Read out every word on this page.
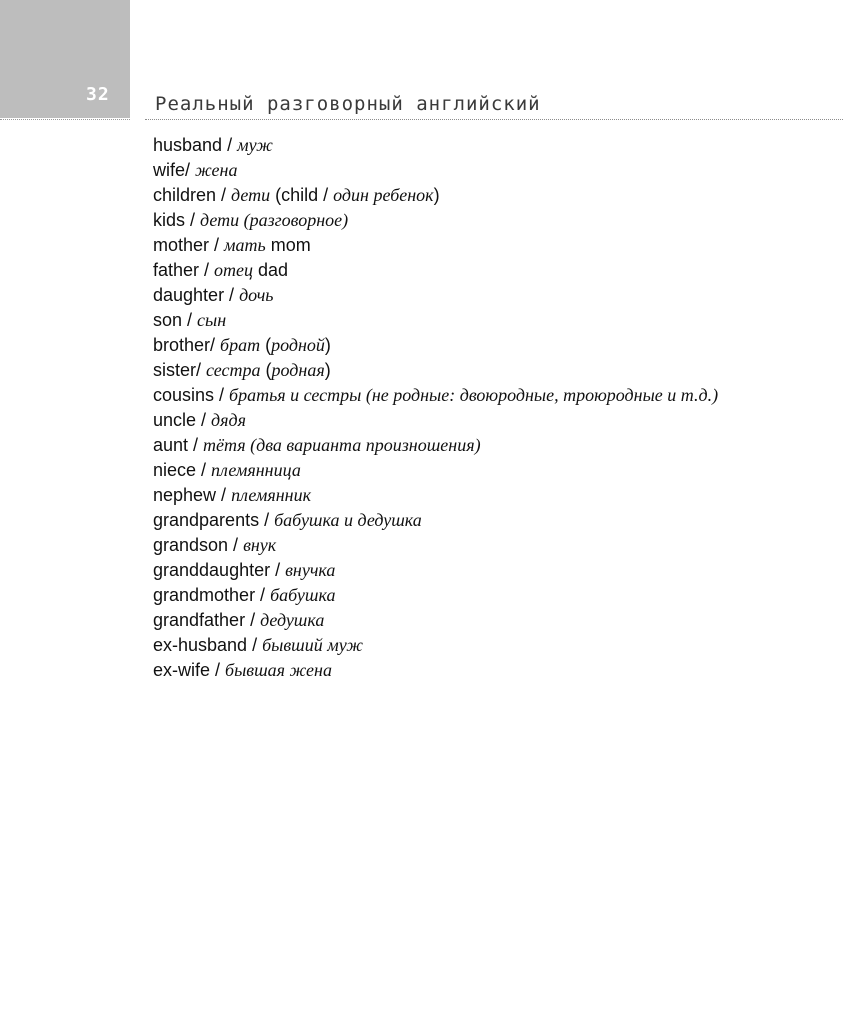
32 Реальный разговорный английский
husband / муж
wife/ жена
children / дети (child / один ребенок)
kids / дети (разговорное)
mother / мать mom
father / отец dad
daughter / дочь
son / сын
brother/ брат (родной)
sister/ сестра (родная)
cousins / братья и сестры (не родные: двоюродные, троюродные и т.д.)
uncle / дядя
aunt / тётя (два варианта произношения)
niece / племянница
nephew / племянник
grandparents / бабушка и дедушка
grandson / внук
granddaughter / внучка
grandmother / бабушка
grandfather / дедушка
ex-husband / бывший муж
ex-wife / бывшая жена
